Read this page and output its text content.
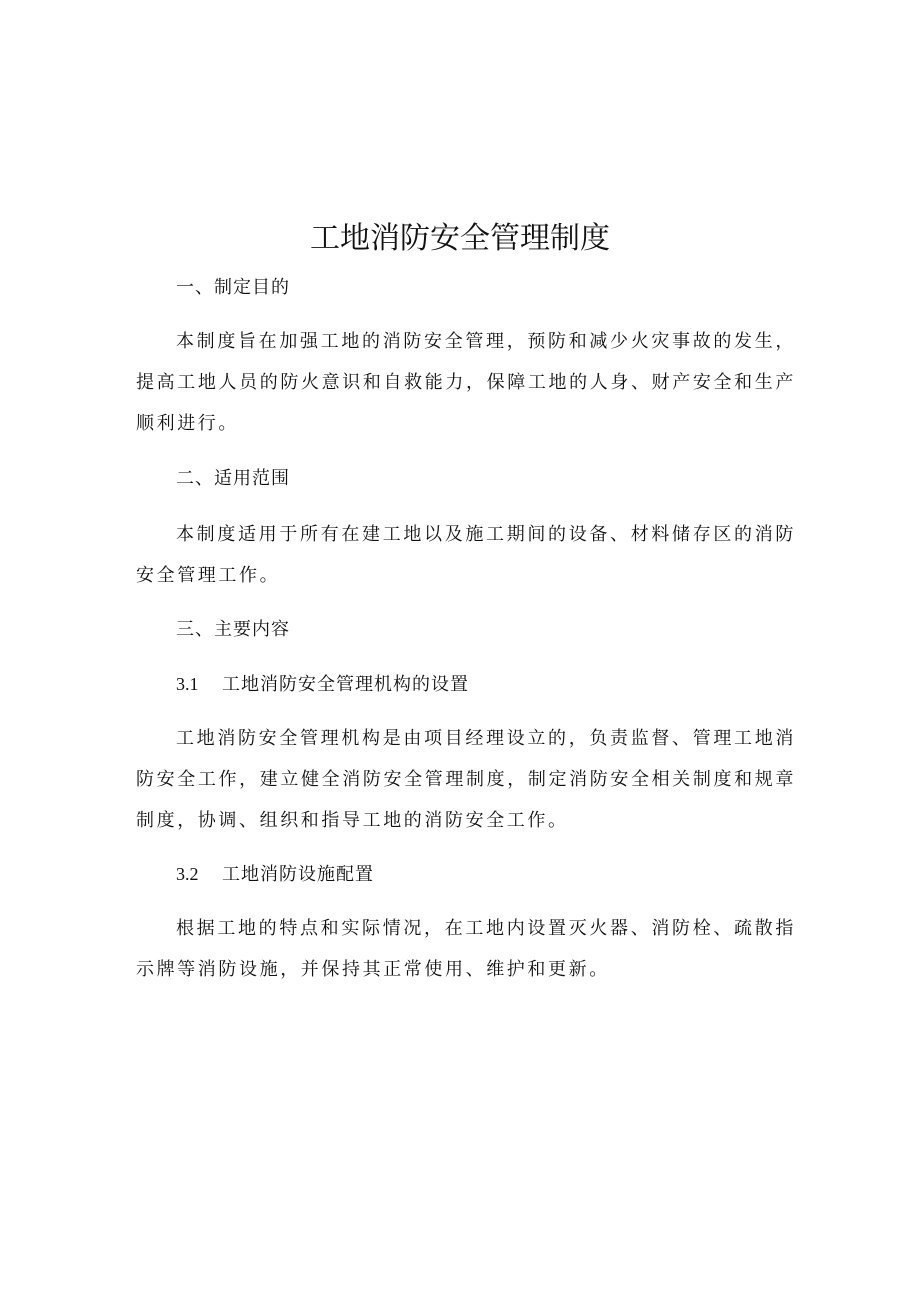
工地消防安全管理制度
一、制定目的
本制度旨在加强工地的消防安全管理，预防和减少火灾事故的发生，提高工地人员的防火意识和自救能力，保障工地的人身、财产安全和生产顺利进行。
二、适用范围
本制度适用于所有在建工地以及施工期间的设备、材料储存区的消防安全管理工作。
三、主要内容
3.1 工地消防安全管理机构的设置
工地消防安全管理机构是由项目经理设立的，负责监督、管理工地消防安全工作，建立健全消防安全管理制度，制定消防安全相关制度和规章制度，协调、组织和指导工地的消防安全工作。
3.2 工地消防设施配置
根据工地的特点和实际情况，在工地内设置灭火器、消防栓、疏散指示牌等消防设施，并保持其正常使用、维护和更新。
